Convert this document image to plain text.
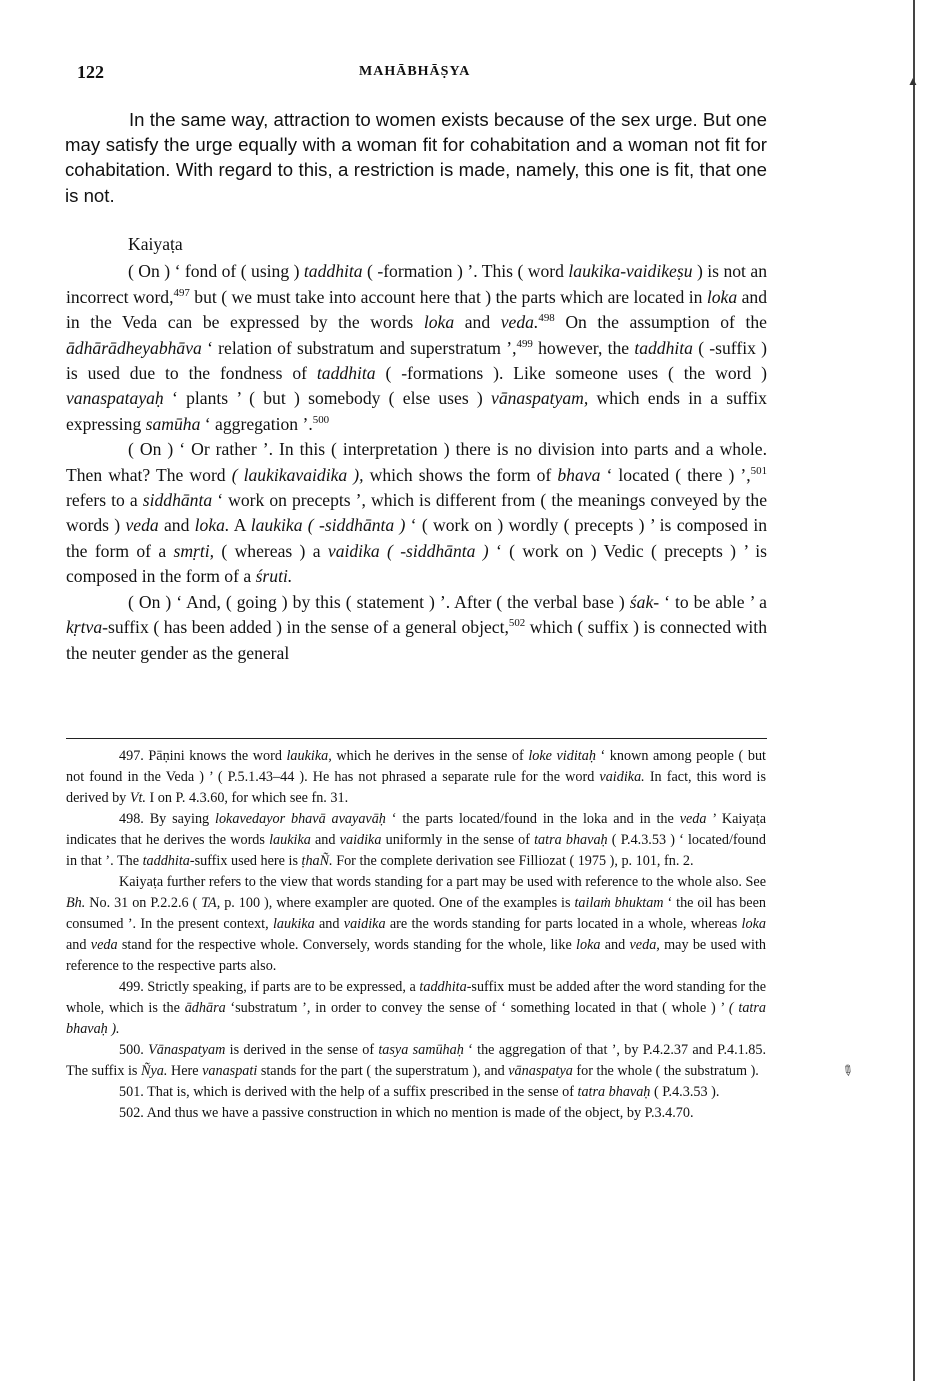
122	MAHĀBHĀṢYA

In the same way, attraction to women exists because of the sex urge. But one may satisfy the urge equally with a woman fit for cohabitation and a woman not fit for cohabitation. With regard to this, a restriction is made, namely, this one is fit, that one is not.

Kaiyaṭa

( On ) ‘ fond of ( using ) taddhita ( -formation ) ’. This ( word laukika-vaidikeṣu ) is not an incorrect word,$^{497}$ but ( we must take into account here that ) the parts which are located in loka and in the Veda can be expressed by the words loka and veda.$^{498}$ On the assumption of the ādhārādheyabhāva ‘ relation of substratum and superstratum ’,$^{499}$ however, the taddhita ( -suffix ) is used due to the fondness of taddhita ( -formations ). Like someone uses ( the word ) vanaspatayaḥ ‘ plants ’ ( but ) somebody ( else uses ) vānaspatyam, which ends in a suffix expressing samūha ‘ aggregation ’.$^{500}$

( On ) ‘ Or rather ’. In this ( interpretation ) there is no division into parts and a whole. Then what? The word ( laukikavaidika ), which shows the form of bhava ‘ located ( there ) ’,$^{501}$ refers to a siddhānta ‘ work on precepts ’, which is different from ( the meanings conveyed by the words ) veda and loka. A laukika ( -siddhānta ) ‘ ( work on ) wordly ( precepts ) ’ is composed in the form of a smṛti, ( whereas ) a vaidika ( -siddhānta ) ‘ ( work on ) Vedic ( precepts ) ’ is composed in the form of a śruti.

( On ) ‘ And, ( going ) by this ( statement ) ’. After ( the verbal base ) śak- ‘ to be able ’ a kṛtva-suffix ( has been added ) in the sense of a general object,$^{502}$ which ( suffix ) is connected with the neuter gender as the general

497. Pāṇini knows the word laukika, which he derives in the sense of loke viditaḥ ‘ known among people ( but not found in the Veda ) ’ ( P.5.1.43–44 ). He has not phrased a separate rule for the word vaidika. In fact, this word is derived by Vt. I on P. 4.3.60, for which see fn. 31.

498. By saying lokavedayor bhavā avayavāḥ ‘ the parts located/found in the loka and in the veda ’ Kaiyaṭa indicates that he derives the words laukika and vaidika uniformly in the sense of tatra bhavaḥ ( P.4.3.53 ) ‘ located/found in that ’. The taddhita-suffix used here is ṭhaÑ. For the complete derivation see Filliozat ( 1975 ), p. 101, fn. 2.

Kaiyaṭa further refers to the view that words standing for a part may be used with reference to the whole also. See Bh. No. 31 on P.2.2.6 ( TA, p. 100 ), where exampler are quoted. One of the examples is tailaṁ bhuktam ‘ the oil has been consumed ’. In the present context, laukika and vaidika are the words standing for parts located in a whole, whereas loka and veda stand for the respective whole. Conversely, words standing for the whole, like loka and veda, may be used with reference to the respective parts also.

499. Strictly speaking, if parts are to be expressed, a taddhita-suffix must be added after the word standing for the whole, which is the ādhāra ‘substratum ’, in order to convey the sense of ‘ something located in that ( whole ) ’ ( tatra bhavaḥ ).

500. Vānaspatyam is derived in the sense of tasya samūhaḥ ‘ the aggregation of that ’, by P.4.2.37 and P.4.1.85. The suffix is Ñya. Here vanaspati stands for the part ( the superstratum ), and vānaspatya for the whole ( the substratum ).

501. That is, which is derived with the help of a suffix prescribed in the sense of tatra bhavaḥ ( P.4.3.53 ).

502. And thus we have a passive construction in which no mention is made of the object, by P.3.4.70.

▲
✎
